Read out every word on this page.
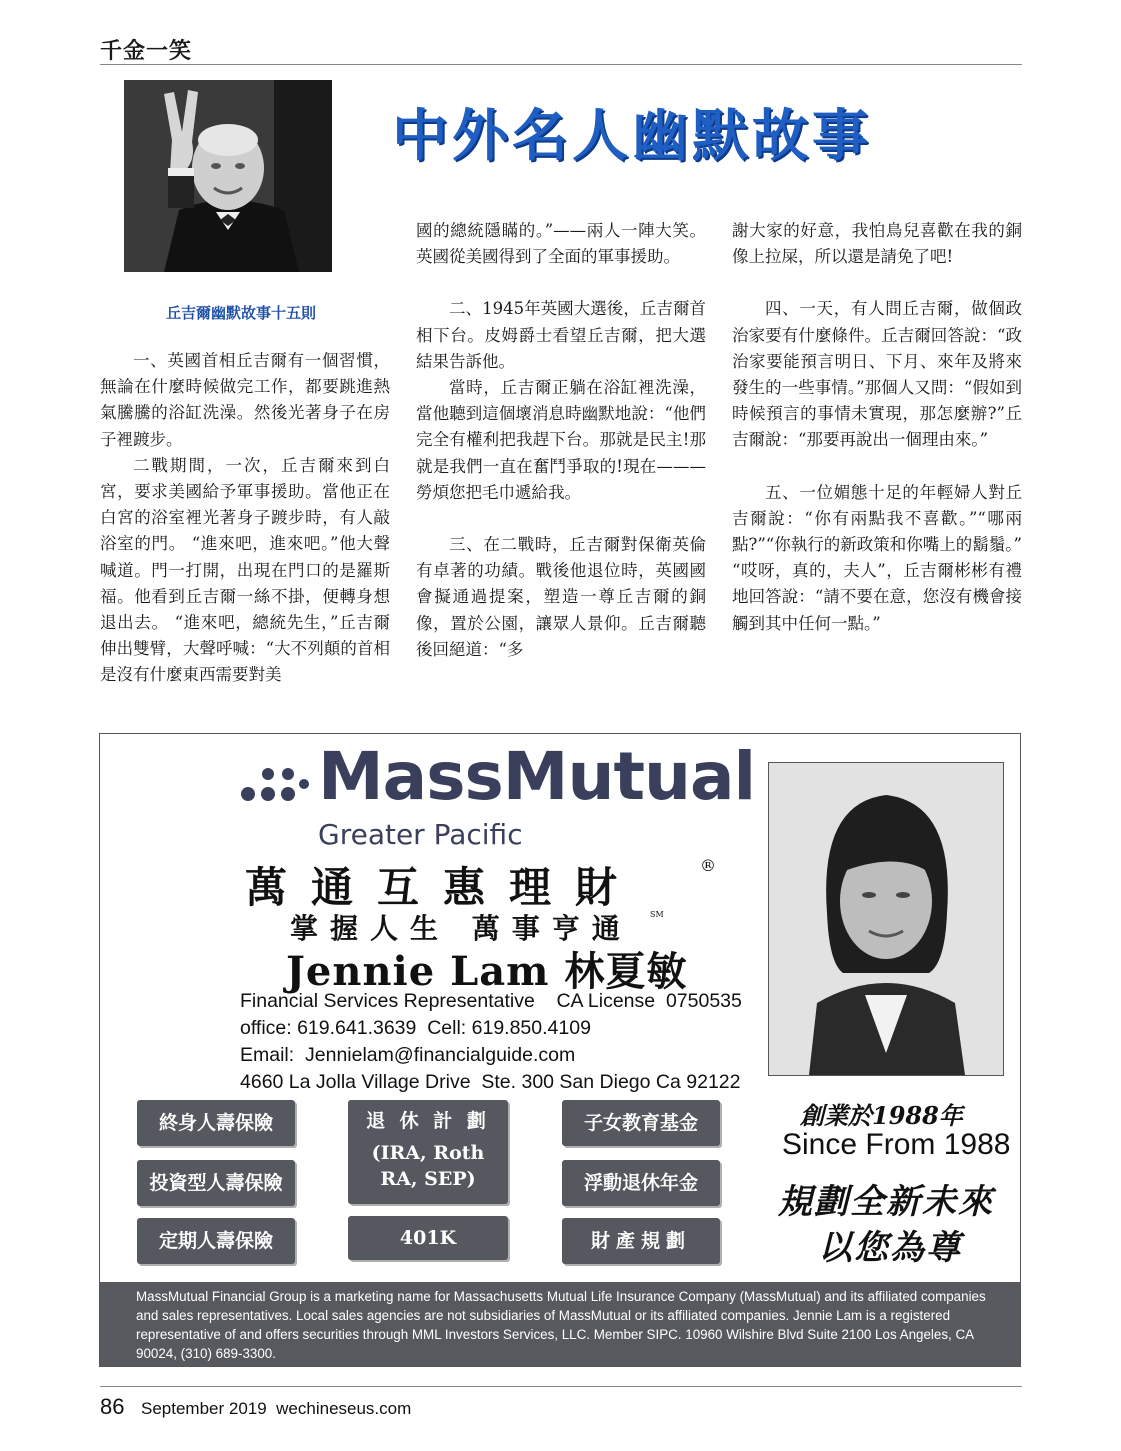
千金一笑
中外名人幽默故事
丘吉爾幽默故事十五則

一、英國首相丘吉爾有一個習慣，無論在什麼時候做完工作，都要跳進熱氣騰騰的浴缸洗澡。然後光著身子在房子裡踱步。

二戰期間，一次，丘吉爾來到白宮，要求美國給予軍事援助。當他正在白宮的浴室裡光著身子踱步時，有人敲浴室的門。 “進來吧，進來吧。”他大聲喊道。門一打開，出現在門口的是羅斯福。他看到丘吉爾一絲不掛，便轉身想退出去。 “進來吧，總統先生，”丘吉爾伸出雙臂，大聲呼喊：“大不列顛的首相是沒有什麼東西需要對美

國的總統隱瞞的。”——兩人一陣大笑。英國從美國得到了全面的軍事援助。

二、1945年英國大選後，丘吉爾首相下台。皮姆爵士看望丘吉爾，把大選結果告訴他。

當時，丘吉爾正躺在浴缸裡洗澡，當他聽到這個壞消息時幽默地說：“他們完全有權利把我趕下台。那就是民主!那就是我們一直在奮鬥爭取的!現在———勞煩您把毛巾遞給我。

三、在二戰時，丘吉爾對保衛英倫有卓著的功績。戰後他退位時，英國國會擬通過提案，塑造一尊丘吉爾的銅像，置於公園，讓眾人景仰。丘吉爾聽後回絕道：“多

謝大家的好意，我怕鳥兒喜歡在我的銅像上拉屎，所以還是請免了吧!

四、一天，有人問丘吉爾，做個政治家要有什麼條件。丘吉爾回答說：“政治家要能預言明日、下月、來年及將來發生的一些事情。”那個人又問：“假如到時候預言的事情未實現，那怎麼辦?”丘吉爾說：“那要再說出一個理由來。”

五、一位媚態十足的年輕婦人對丘吉爾說：“你有兩點我不喜歡。”“哪兩點?”“你執行的新政策和你嘴上的鬍鬚。” “哎呀，真的，夫人”，丘吉爾彬彬有禮地回答說：“請不要在意，您沒有機會接觸到其中任何一點。”

MassMutual
Greater Pacific
萬通互惠理財	®
掌握人生 萬事亨通 SM
Jennie Lam 林夏敏
Financial Services Representative    CA License  0750535
office: 619.641.3639  Cell: 619.850.4109
Email:  Jennielam@financialguide.com
4660 La Jolla Village Drive  Ste. 300 San Diego Ca 92122
終身人壽保險
投資型人壽保險
定期人壽保險
退 休 計 劃
(IRA, Roth
RA, SEP)
401K
子女教育基金
浮動退休年金
財產規劃
創業於1988年
Since From 1988
規劃全新未來
以您為尊
MassMutual Financial Group is a marketing name for Massachusetts Mutual Life Insurance Company (MassMutual) and its affiliated companies and sales representatives. Local sales agencies are not subsidiaries of MassMutual or its affiliated companies. Jennie Lam is a registered representative of and offers securities through MML Investors Services, LLC. Member SIPC. 10960 Wilshire Blvd Suite 2100 Los Angeles, CA 90024, (310) 689-3300.
86 September 2019  wechineseus.com
